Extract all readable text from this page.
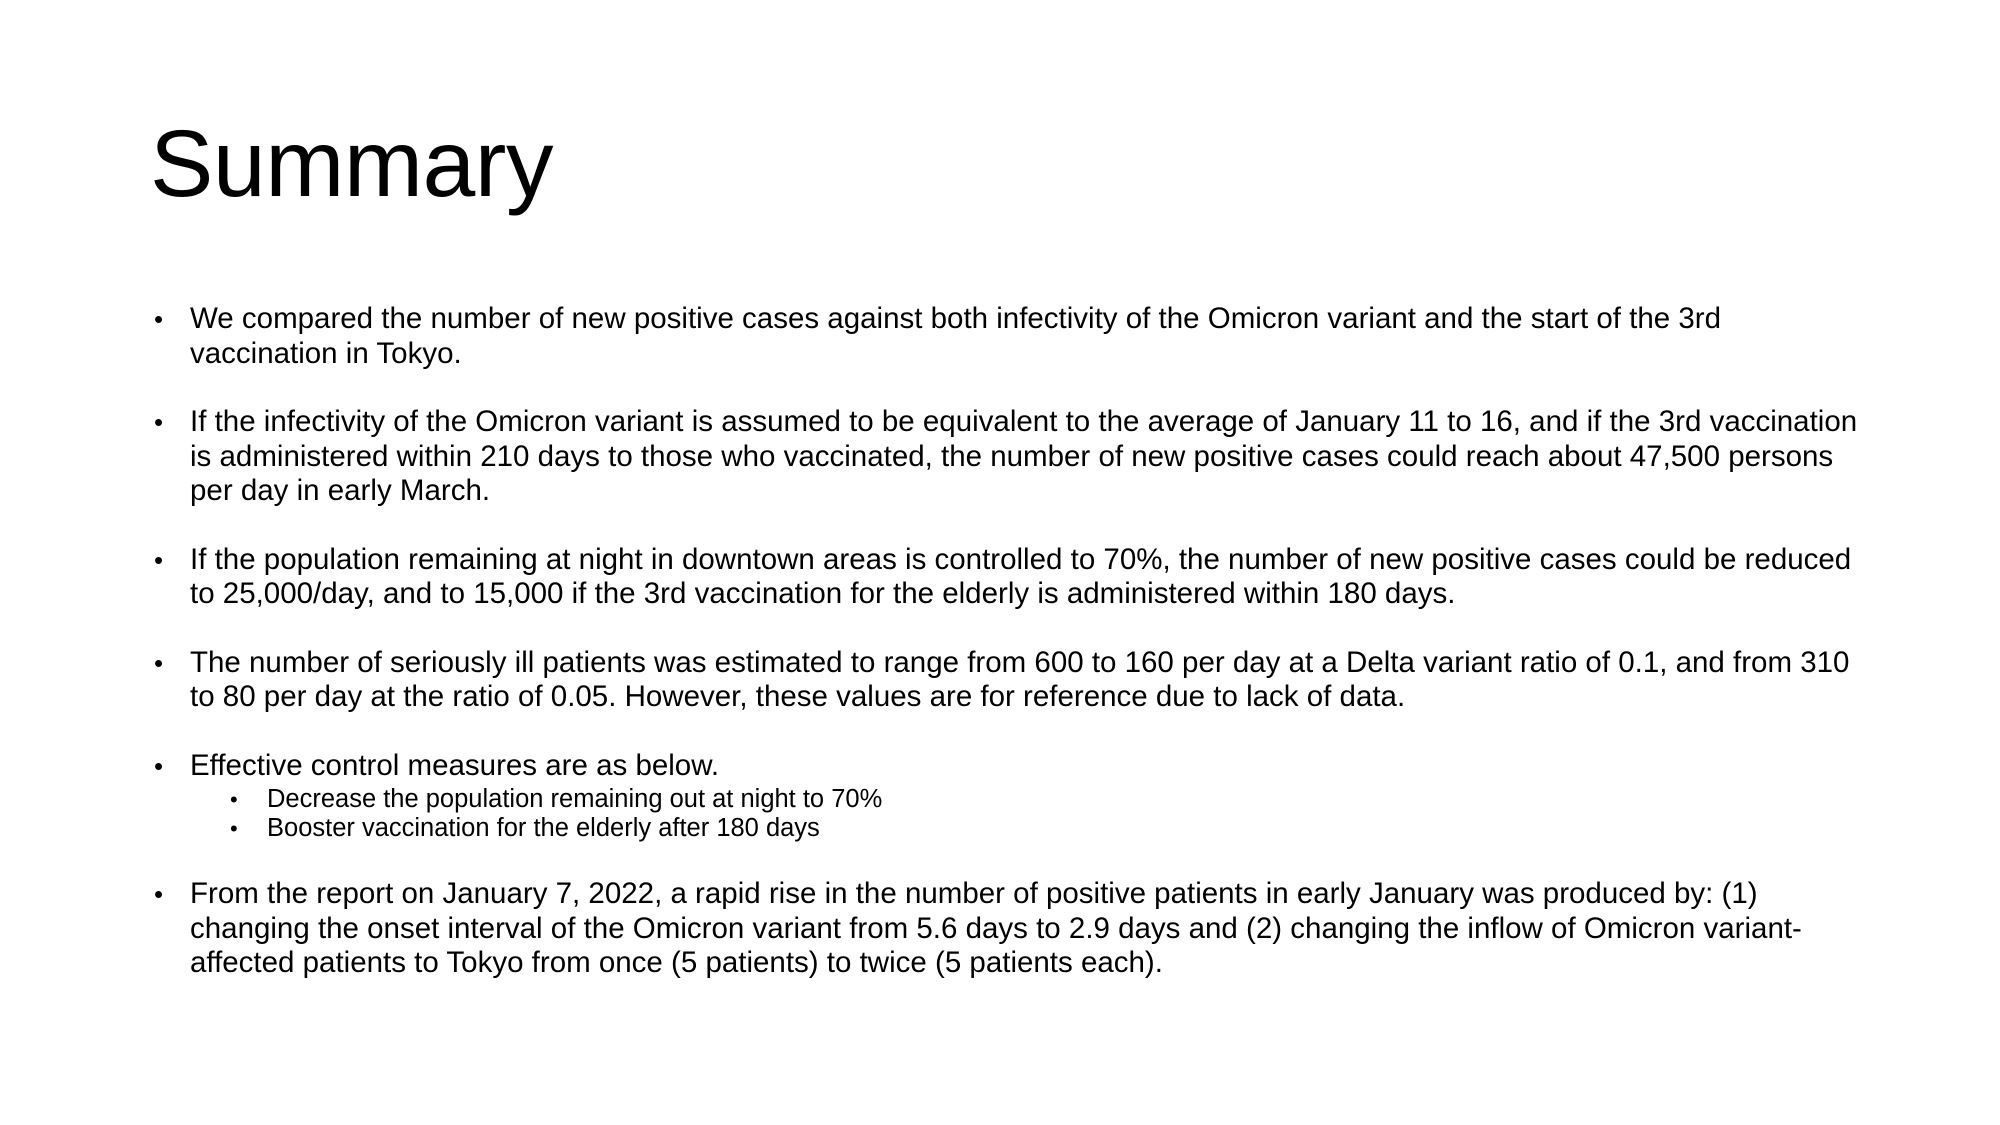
Summary
• We compared the number of new positive cases against both infectivity of the Omicron variant and the start of the 3rd vaccination in Tokyo.
• If the infectivity of the Omicron variant is assumed to be equivalent to the average of January 11 to 16, and if the 3rd vaccination is administered within 210 days to those who vaccinated, the number of new positive cases could reach about 47,500 persons per day in early March.
• If the population remaining at night in downtown areas is controlled to 70%, the number of new positive cases could be reduced to 25,000/day, and to 15,000 if the 3rd vaccination for the elderly is administered within 180 days.
• The number of seriously ill patients was estimated to range from 600 to 160 per day at a Delta variant ratio of 0.1, and from 310 to 80 per day at the ratio of 0.05. However, these values are for reference due to lack of data.
• Effective control measures are as below.
• Decrease the population remaining out at night to 70%
• Booster vaccination for the elderly after 180 days
• From the report on January 7, 2022, a rapid rise in the number of positive patients in early January was produced by: (1) changing the onset interval of the Omicron variant from 5.6 days to 2.9 days and (2) changing the inflow of Omicron variant-affected patients to Tokyo from once (5 patients) to twice (5 patients each).
